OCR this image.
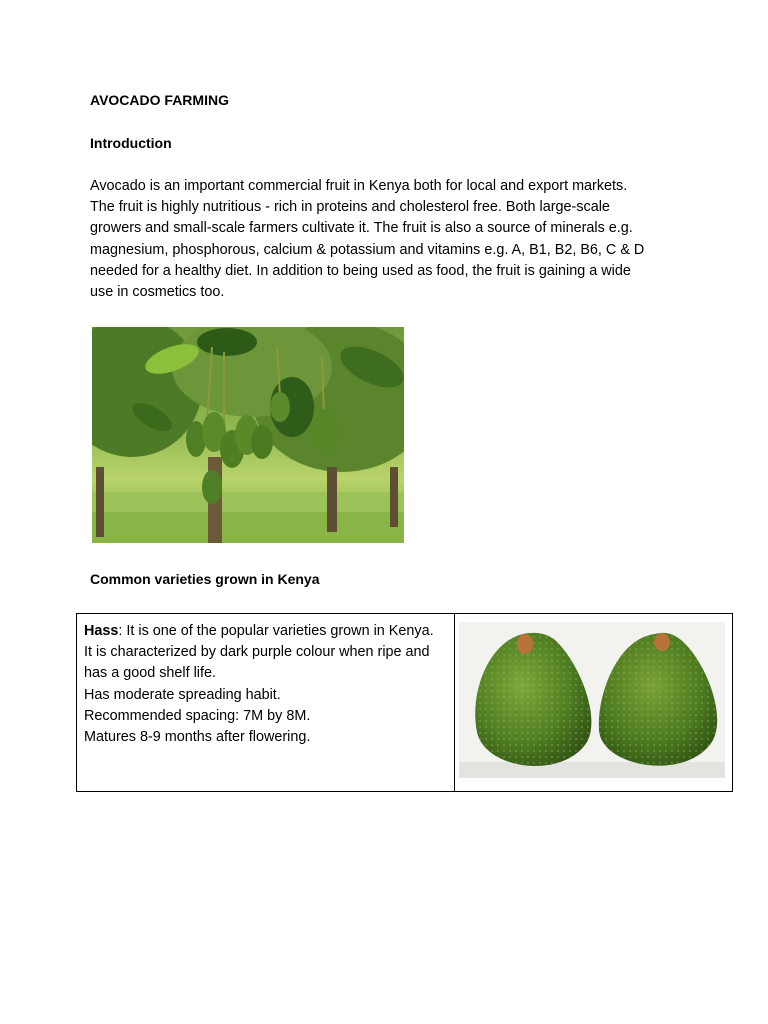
AVOCADO FARMING
Introduction

Avocado is an important commercial fruit in Kenya both for local and export markets.
The fruit is highly nutritious - rich in proteins and cholesterol free. Both large-scale
growers and small-scale farmers cultivate it. The fruit is also a source of minerals e.g.
magnesium, phosphorous, calcium & potassium and vitamins e.g. A, B1, B2, B6, C & D
needed for a healthy diet. In addition to being used as food, the fruit is gaining a wide
use in cosmetics too.

Common varieties grown in Kenya
Hass: It is one of the popular varieties grown in Kenya.
It is characterized by dark purple colour when ripe and
has a good shelf life.
Has moderate spreading habit.
Recommended spacing: 7M by 8M.
Matures 8-9 months after flowering.
